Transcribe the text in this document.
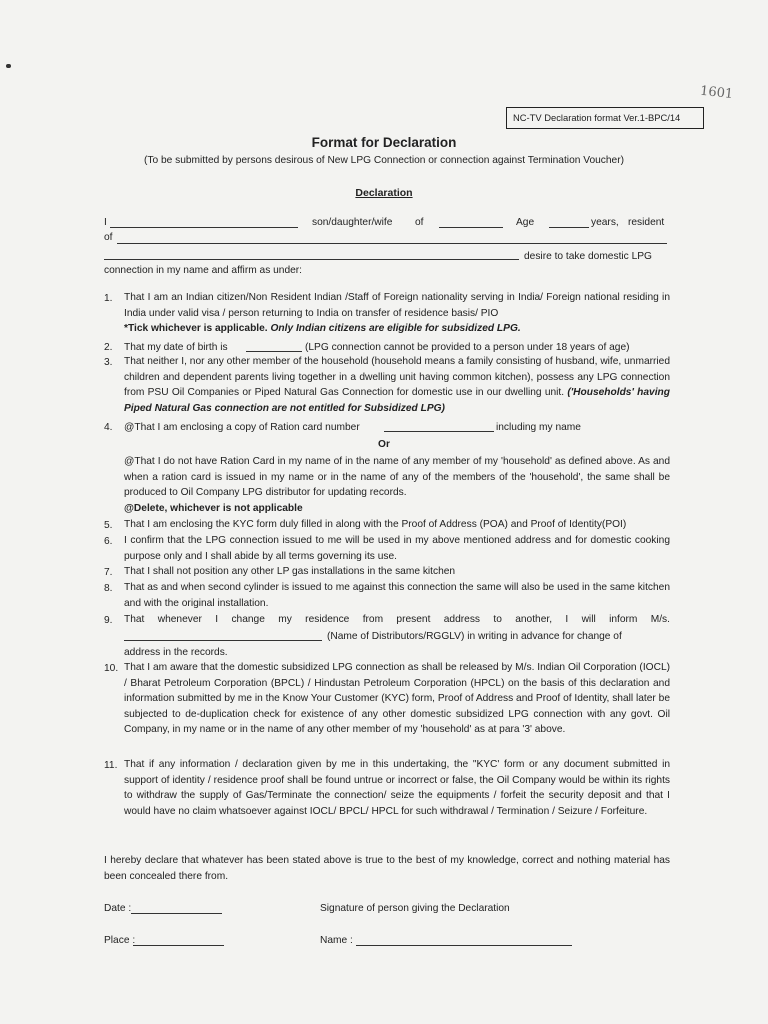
1601
NC-TV Declaration format Ver.1-BPC/14
Format for Declaration
(To be submitted by persons desirous of New LPG Connection or connection against Termination Voucher)
Declaration
I	son/daughter/wife of	Age	years, resident
of
desire to take domestic LPG
connection in my name and affirm as under:
1.	That I am an Indian citizen/Non Resident Indian /Staff of Foreign nationality serving in India/ Foreign national residing in India under valid visa / person returning to India on transfer of residence basis/ PIO

*Tick whichever is applicable. Only Indian citizens are eligible for subsidized LPG.

2.	That my date of birth is	(LPG connection cannot be provided to a person under 18 years of age)
3.	That neither I, nor any other member of the household (household means a family consisting of husband, wife, unmarried children and dependent parents living together in a dwelling unit having common kitchen), possess any LPG connection from PSU Oil Companies or Piped Natural Gas Connection for domestic use in our dwelling unit. ('Households' having Piped Natural Gas connection are not entitled for Subsidized LPG)

4.	@That I am enclosing a copy of Ration card number	including my name
Or

@That I do not have Ration Card in my name of in the name of any member of my 'household' as defined above. As and when a ration card is issued in my name or in the name of any of the members of the 'household', the same shall be produced to Oil Company LPG distributor for updating records.

@Delete, whichever is not applicable

5.	That I am enclosing the KYC form duly filled in along with the Proof of Address (POA) and Proof of Identity(POI)

6.	I confirm that the LPG connection issued to me will be used in my above mentioned address and for domestic cooking purpose only and I shall abide by all terms governing its use.

7.	That I shall not position any other LP gas installations in the same kitchen

8.	That as and when second cylinder is issued to me against this connection the same will also be used in the same kitchen and with the original installation.

9.	That whenever I change my residence from present address to another, I will inform M/s.
(Name of Distributors/RGGLV) in writing in advance for change of
address in the records.
10. That I am aware that the domestic subsidized LPG connection as shall be released by M/s. Indian Oil Corporation (IOCL) / Bharat Petroleum Corporation (BPCL) / Hindustan Petroleum Corporation (HPCL) on the basis of this declaration and information submitted by me in the Know Your Customer (KYC) form, Proof of Address and Proof of Identity, shall later be subjected to de-duplication check for existence of any other domestic subsidized LPG connection with any govt. Oil Company, in my name or in the name of any other member of my 'household' as at para '3' above.

11. That if any information / declaration given by me in this undertaking, the "KYC' form or any document submitted in support of identity / residence proof shall be found untrue or incorrect or false, the Oil Company would be within its rights to withdraw the supply of Gas/Terminate the connection/ seize the equipments / forfeit the security deposit and that I would have no claim whatsoever against IOCL/ BPCL/ HPCL for such withdrawal / Termination / Seizure / Forfeiture.

I hereby declare that whatever has been stated above is true to the best of my knowledge, correct and nothing material has been concealed there from.
Date :	Signature of person giving the Declaration
Place :	Name :
